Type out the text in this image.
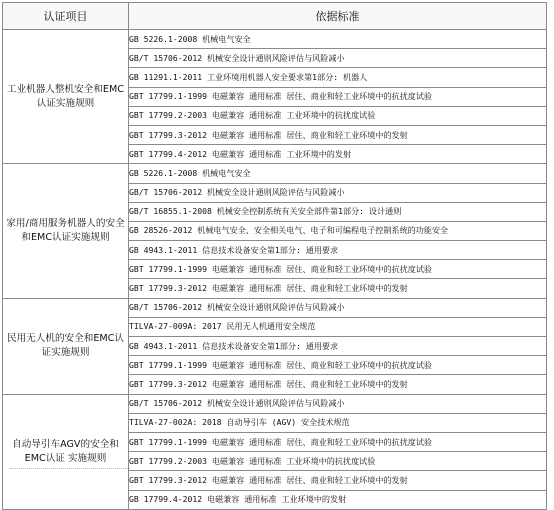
认证项目	依据标准

工业机器人整机安全和EMC认证实施规则	GB 5226.1-2008 机械电气安全
	GB/T 15706-2012 机械安全设计通则风险评估与风险减小
	GB 11291.1-2011 工业环境用机器人安全要求第1部分: 机器人
	GBT 17799.1-1999 电磁兼容 通用标准 居住、商业和轻工业环境中的抗扰度试验
	GBT 17799.2-2003 电磁兼容 通用标准 工业环境中的抗扰度试验
	GBT 17799.3-2012 电磁兼容 通用标准 居住、商业和轻工业环境中的发射
	GBT 17799.4-2012 电磁兼容 通用标准 工业环境中的发射

家用/商用服务机器人的安全和EMC认证实施规则	GB 5226.1-2008 机械电气安全
	GB/T 15706-2012 机械安全设计通则风险评估与风险减小
	GB/T 16855.1-2008 机械安全控制系统有关安全部件第1部分: 设计通则
	GB 28526-2012 机械电气安全、安全相关电气、电子和可编程电子控制系统的功能安全
	GB 4943.1-2011 信息技术设备安全第1部分: 通用要求
	GBT 17799.1-1999 电磁兼容 通用标准 居住、商业和轻工业环境中的抗扰度试验
	GBT 17799.3-2012 电磁兼容 通用标准 居住、商业和轻工业环境中的发射

民用无人机的安全和EMC认证实施规则	GB/T 15706-2012 机械安全设计通则风险评估与风险减小
	TILVA-27-009A: 2017 民用无人机通用安全规范
	GB 4943.1-2011 信息技术设备安全第1部分: 通用要求
	GBT 17799.1-1999 电磁兼容 通用标准 居住、商业和轻工业环境中的抗扰度试验
	GBT 17799.3-2012 电磁兼容 通用标准 居住、商业和轻工业环境中的发射

自动导引车AGV的安全和EMC认证 实施规则	GB/T 15706-2012 机械安全设计通则风险评估与风险减小
	TILVA-27-002A: 2018 自动导引车 (AGV) 安全技术规范
	GBT 17799.1-1999 电磁兼容 通用标准 居住、商业和轻工业环境中的抗扰度试验
	GBT 17799.2-2003 电磁兼容 通用标准 工业环境中的抗扰度试验
	GBT 17799.3-2012 电磁兼容 通用标准 居住、商业和轻工业环境中的发射
	GB 17799.4-2012 电磁兼容 通用标准 工业环境中的发射
